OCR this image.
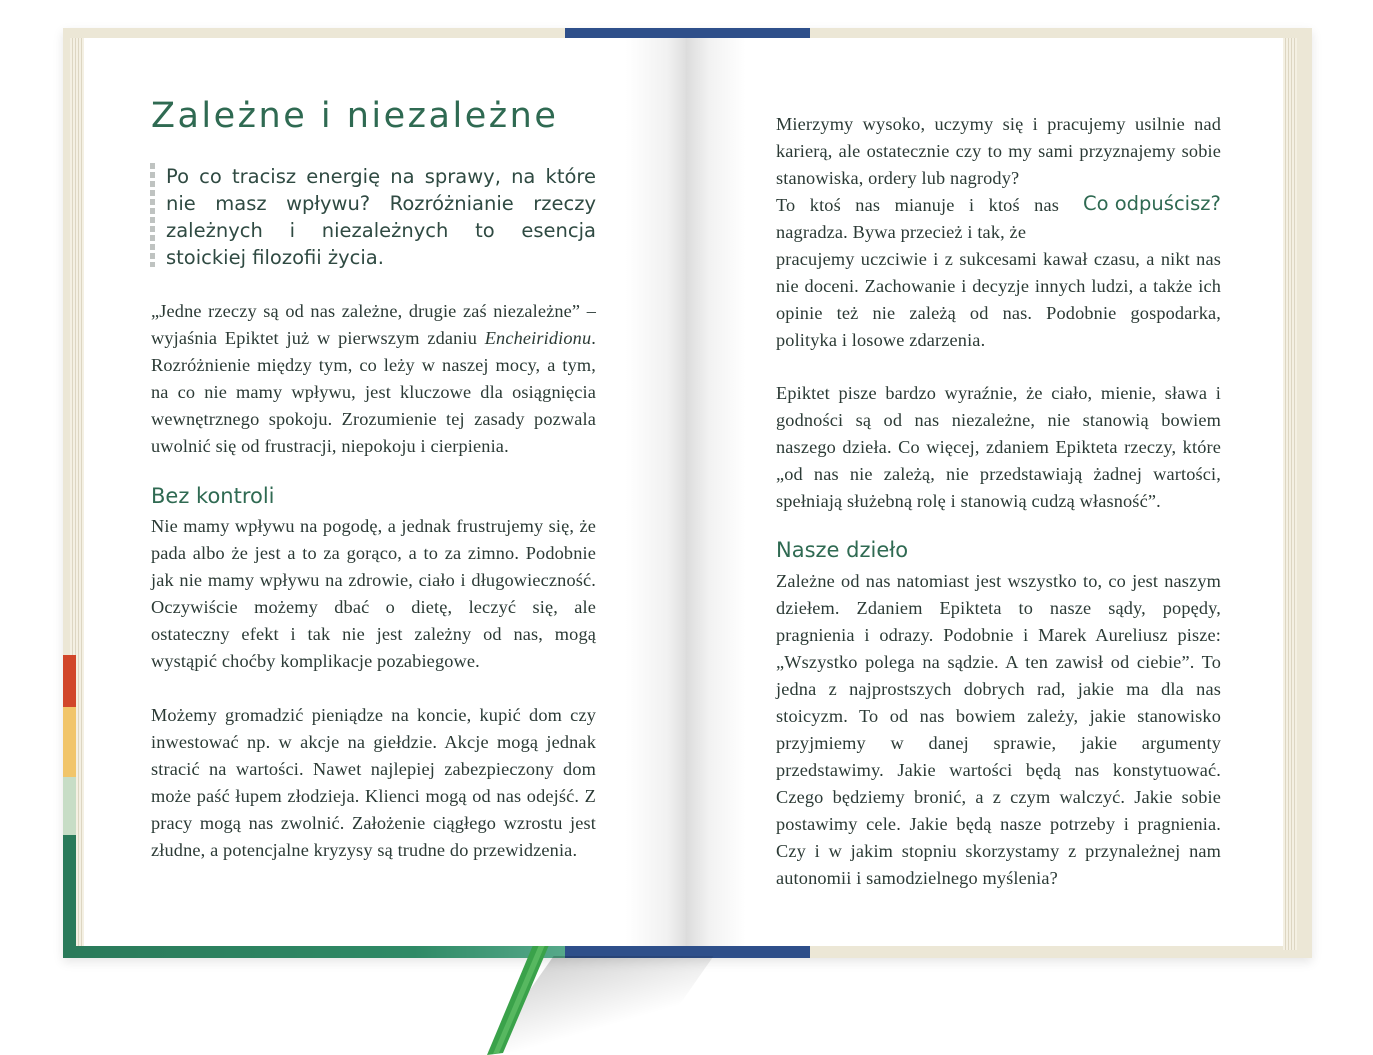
Zależne i niezależne

Po co tracisz energię na sprawy, na które nie masz wpływu? Rozróżnianie rzeczy zależnych i niezależnych to esencja stoickiej filozofii życia.

„Jedne rzeczy są od nas zależne, drugie zaś niezależne” – wyjaśnia Epiktet już w pierwszym zdaniu Encheiridionu. Rozróżnienie między tym, co leży w naszej mocy, a tym, na co nie mamy wpływu, jest kluczowe dla osiągnięcia wewnętrznego spokoju. Zrozumienie tej zasady pozwala uwolnić się od frustracji, niepokoju i cierpienia.

Bez kontroli

Nie mamy wpływu na pogodę, a jednak frustrujemy się, że pada albo że jest a to za gorąco, a to za zimno. Podobnie jak nie mamy wpływu na zdrowie, ciało i długowieczność. Oczywiście możemy dbać o dietę, leczyć się, ale ostateczny efekt i tak nie jest zależny od nas, mogą wystąpić choćby komplikacje pozabiegowe.

Możemy gromadzić pieniądze na koncie, kupić dom czy inwestować np. w akcje na giełdzie. Akcje mogą jednak stracić na wartości. Nawet najlepiej zabezpieczony dom może paść łupem złodzieja. Klienci mogą od nas odejść. Z pracy mogą nas zwolnić. Założenie ciągłego wzrostu jest złudne, a potencjalne kryzysy są trudne do przewidzenia.

Mierzymy wysoko, uczymy się i pracujemy usilnie nad karierą, ale ostatecznie czy to my sami przyznajemy sobie stanowiska, ordery lub nagrody?

To ktoś nas mianuje i ktoś nas nagradza. Bywa przecież i tak, że

Co odpuścisz?

pracujemy uczciwie i z sukcesami kawał czasu, a nikt nas nie doceni. Zachowanie i decyzje innych ludzi, a także ich opinie też nie zależą od nas. Podobnie gospodarka, polityka i losowe zdarzenia.

Epiktet pisze bardzo wyraźnie, że ciało, mienie, sława i godności są od nas niezależne, nie stanowią bowiem naszego dzieła. Co więcej, zdaniem Epikteta rzeczy, które „od nas nie zależą, nie przedstawiają żadnej wartości, spełniają służebną rolę i stanowią cudzą własność”.

Nasze dzieło

Zależne od nas natomiast jest wszystko to, co jest naszym dziełem. Zdaniem Epikteta to nasze sądy, popędy, pragnienia i odrazy. Podobnie i Marek Aureliusz pisze: „Wszystko polega na sądzie. A ten zawisł od ciebie”. To jedna z najprostszych dobrych rad, jakie ma dla nas stoicyzm. To od nas bowiem zależy, jakie stanowisko przyjmiemy w danej sprawie, jakie argumenty przedstawimy. Jakie wartości będą nas konstytuować. Czego będziemy bronić, a z czym walczyć. Jakie sobie postawimy cele. Jakie będą nasze potrzeby i pragnienia. Czy i w jakim stopniu skorzystamy z przynależnej nam autonomii i samodzielnego myślenia?
